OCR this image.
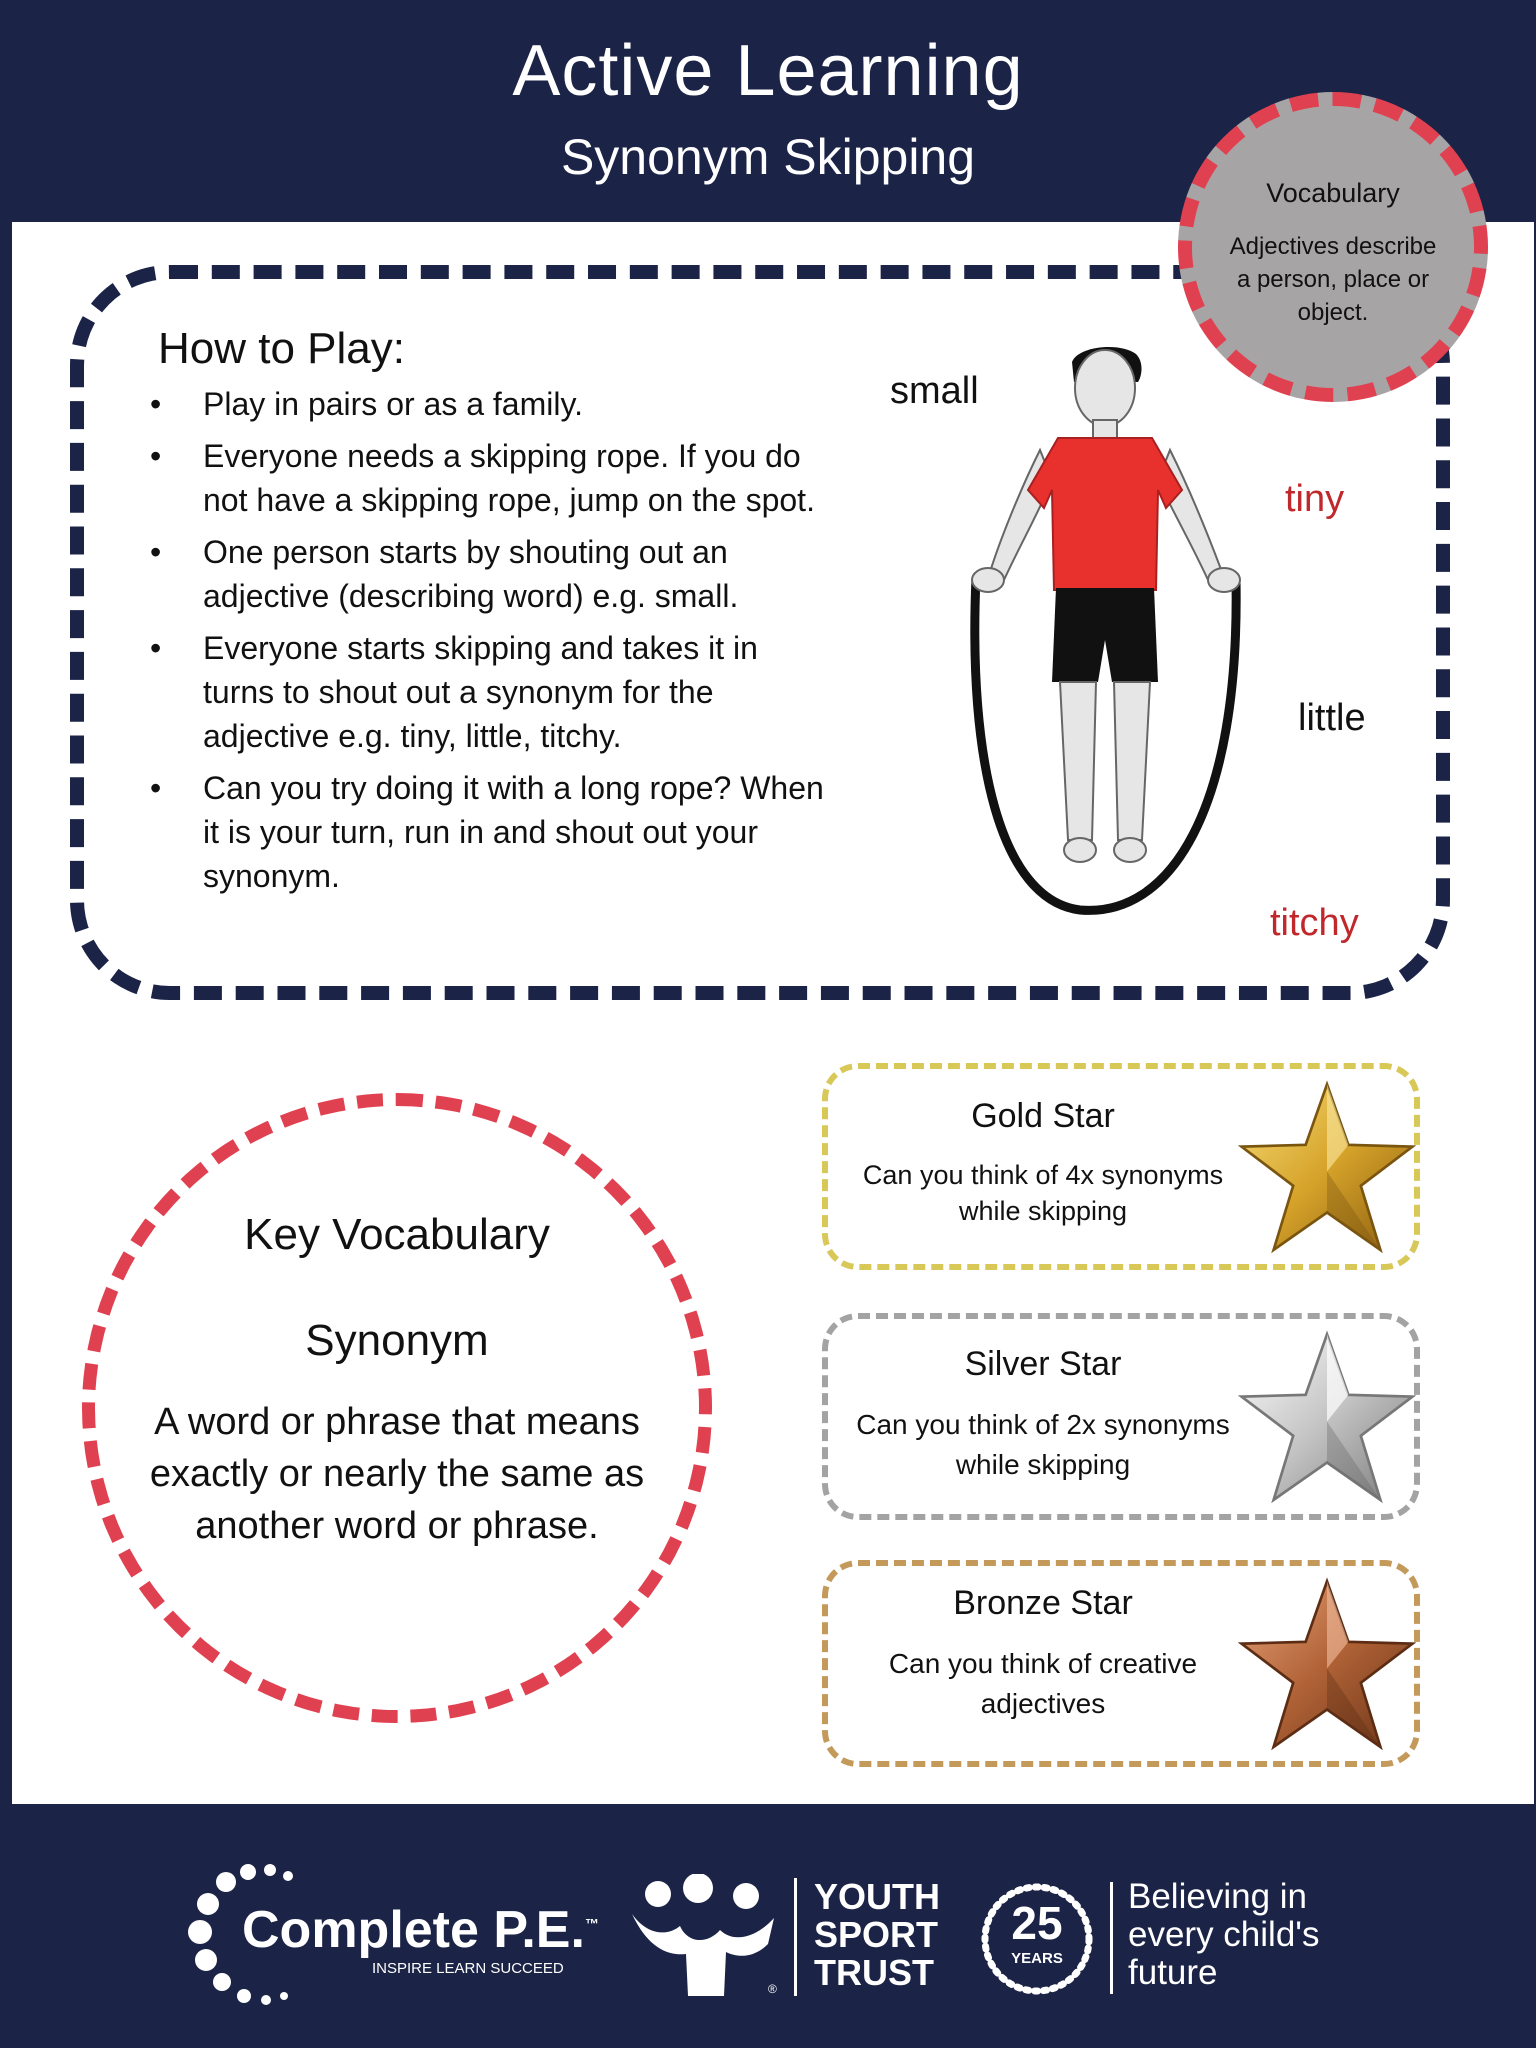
Active Learning
Synonym Skipping
How to Play:
• Play in pairs or as a family.
• Everyone needs a skipping rope. If you do not have a skipping rope, jump on the spot.
• One person starts by shouting out an adjective (describing word) e.g. small.
• Everyone starts skipping and takes it in turns to shout out a synonym for the adjective e.g. tiny, little, titchy.
• Can you try doing it with a long rope? When it is your turn, run in and shout out your synonym.
small
tiny
little
titchy
Vocabulary
Adjectives describe a person, place or object.
Key Vocabulary
Synonym
A word or phrase that means exactly or nearly the same as another word or phrase.
Gold Star
Can you think of 4x synonyms while skipping
Silver Star
Can you think of 2x synonyms while skipping
Bronze Star
Can you think of creative adjectives
Complete P.E.™
INSPIRE LEARN SUCCEED
®
YOUTH
SPORT
TRUST
25
YEARS
Believing in
every child's
future
